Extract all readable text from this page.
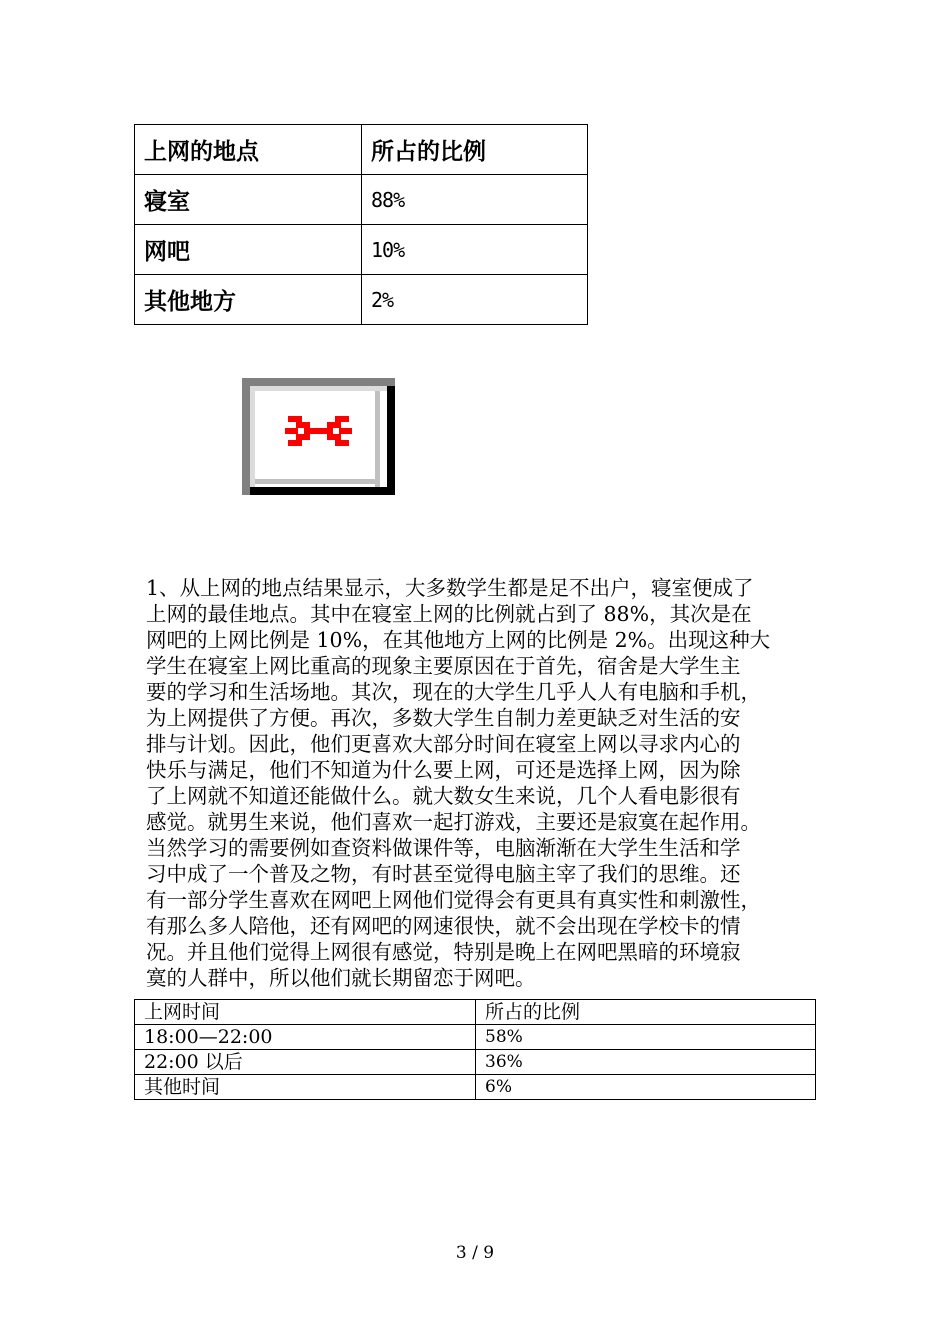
上网的地点	所占的比例
寝室	88%
网吧	10%
其他地方	2%

1、从上网的地点结果显示，大多数学生都是足不出户，寝室便成了
上网的最佳地点。其中在寝室上网的比例就占到了 88%，其次是在
网吧的上网比例是 10%，在其他地方上网的比例是 2%。出现这种大
学生在寝室上网比重高的现象主要原因在于首先，宿舍是大学生主
要的学习和生活场地。其次，现在的大学生几乎人人有电脑和手机，
为上网提供了方便。再次，多数大学生自制力差更缺乏对生活的安
排与计划。因此，他们更喜欢大部分时间在寝室上网以寻求内心的
快乐与满足，他们不知道为什么要上网，可还是选择上网，因为除
了上网就不知道还能做什么。就大数女生来说，几个人看电影很有
感觉。就男生来说，他们喜欢一起打游戏，主要还是寂寞在起作用。
当然学习的需要例如查资料做课件等，电脑渐渐在大学生生活和学
习中成了一个普及之物，有时甚至觉得电脑主宰了我们的思维。还
有一部分学生喜欢在网吧上网他们觉得会有更具有真实性和刺激性，
有那么多人陪他，还有网吧的网速很快，就不会出现在学校卡的情
况。并且他们觉得上网很有感觉，特别是晚上在网吧黑暗的环境寂
寞的人群中，所以他们就长期留恋于网吧。

上网时间	所占的比例
18:00—22:00	58%
22:00 以后	36%
其他时间	6%
3 / 9
